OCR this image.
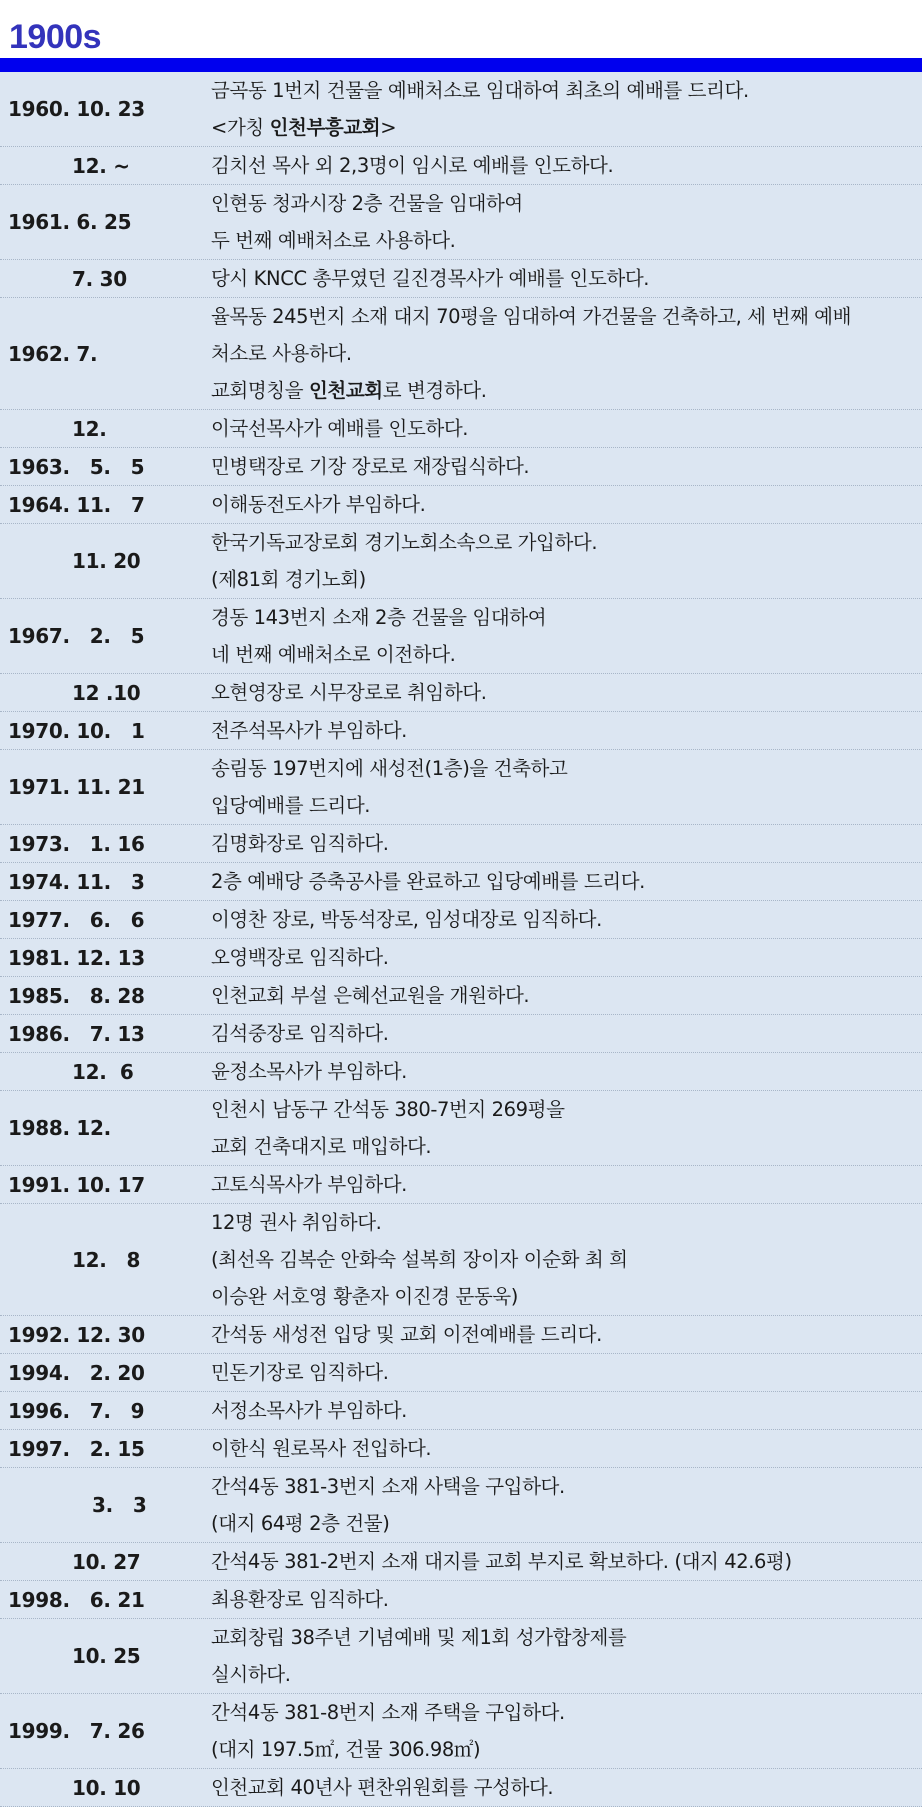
1900s
1960. 10. 23
금곡동 1번지 건물을 예배처소로 임대하여 최초의 예배를 드리다.
<가칭 인천부흥교회>
12. ~	김치선 목사 외 2,3명이 임시로 예배를 인도하다.
1961. 6. 25
인현동 청과시장 2층 건물을 임대하여
두 번째 예배처소로 사용하다.
7. 30	당시 KNCC 총무였던 길진경목사가 예배를 인도하다.
1962. 7.
율목동 245번지 소재 대지 70평을 임대하여 가건물을 건축하고, 세 번째 예배
처소로 사용하다.
교회명칭을 인천교회로 변경하다.
12.	이국선목사가 예배를 인도하다.
1963.   5.   5	민병택장로 기장 장로로 재장립식하다.
1964. 11.   7	이해동전도사가 부임하다.
11. 20
한국기독교장로회 경기노회소속으로 가입하다.
(제81회 경기노회)
1967.   2.   5
경동 143번지 소재 2층 건물을 임대하여
네 번째 예배처소로 이전하다.
12 .10	오현영장로 시무장로로 취임하다.
1970. 10.   1	전주석목사가 부임하다.
1971. 11. 21
송림동 197번지에 새성전(1층)을 건축하고
입당예배를 드리다.
1973.   1. 16	김명화장로 임직하다.
1974. 11.   3	2층 예배당 증축공사를 완료하고 입당예배를 드리다.
1977.   6.   6	이영찬 장로, 박동석장로, 임성대장로 임직하다.
1981. 12. 13	오영백장로 임직하다.
1985.   8. 28	인천교회 부설 은혜선교원을 개원하다.
1986.   7. 13	김석중장로 임직하다.
12.  6	윤정소목사가 부임하다.
1988. 12.
인천시 남동구 간석동 380-7번지 269평을
교회 건축대지로 매입하다.
1991. 10. 17	고토식목사가 부임하다.
12.   8
12명 권사 취임하다.
(최선옥 김복순 안화숙 설복희 장이자 이순화 최 희
이승완 서호영 황춘자 이진경 문동욱)
1992. 12. 30	간석동 새성전 입당 및 교회 이전예배를 드리다.
1994.   2. 20	민돈기장로 임직하다.
1996.   7.   9	서정소목사가 부임하다.
1997.   2. 15	이한식 원로목사 전입하다.
3.   3
간석4동 381-3번지 소재 사택을 구입하다.
(대지 64평 2층 건물)
10. 27	간석4동 381-2번지 소재 대지를 교회 부지로 확보하다. (대지 42.6평)
1998.   6. 21	최용환장로 임직하다.
10. 25
교회창립 38주년 기념예배 및 제1회 성가합창제를
실시하다.
1999.   7. 26
간석4동 381-8번지 소재 주택을 구입하다.
(대지 197.5㎡, 건물 306.98㎡)
10. 10	인천교회 40년사 편찬위원회를 구성하다.
